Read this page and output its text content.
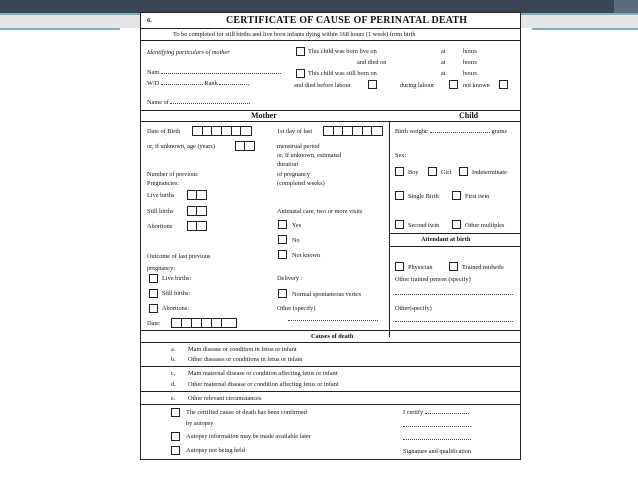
6.	CERTIFICATE OF CAUSE OF PERINATAL DEATH
To be completed for still births and live born infants dying within 168 hours (1 week) from birth
Identifying particulars of mother
Nam
W/D	Rank
Name of
This child was born live on
and died on
This child was still born on
and died before labour	during labour	not known
at	hours
at	hours
at	hours
Mother	Child
Date of Birth
or, if unknown, age (years)
Number of previous
Pregnancies:
Live births
Still births
Abortions
Outcome of last previous
pregnancy:
Live births:
Still births:
Abortions:
Date:
1st day of last
menstrual period
or, if unknown, estimated
duration
of pregnancy
(completed weeks)
Antenatal care, two or more visits
Yes
No
Not known
Delivery :
Normal spontaneous vertex
Other (specify)
Birth weight:	grams
Sex:
Boy	Girl	Indeterminate
Single Birth	First twin
Second twin	Other multiples
Attendant at birth
Physician	Trained midwife
Other trained person (specify)
Other(specify)
Causes of death
a. Main disease or condition in fetus or infant
b. Other diseases or conditions in fetus or infant
c. Main maternal disease or condition affecting fetus or infant
d. Other maternal disease or condition affecting fetus or infant
e. Other relevant circumstances
The certified cause of death has been confirmed
by autopsy
Autopsy information may be made available later
Autopsy not being held
I certify
Signature and qualification
